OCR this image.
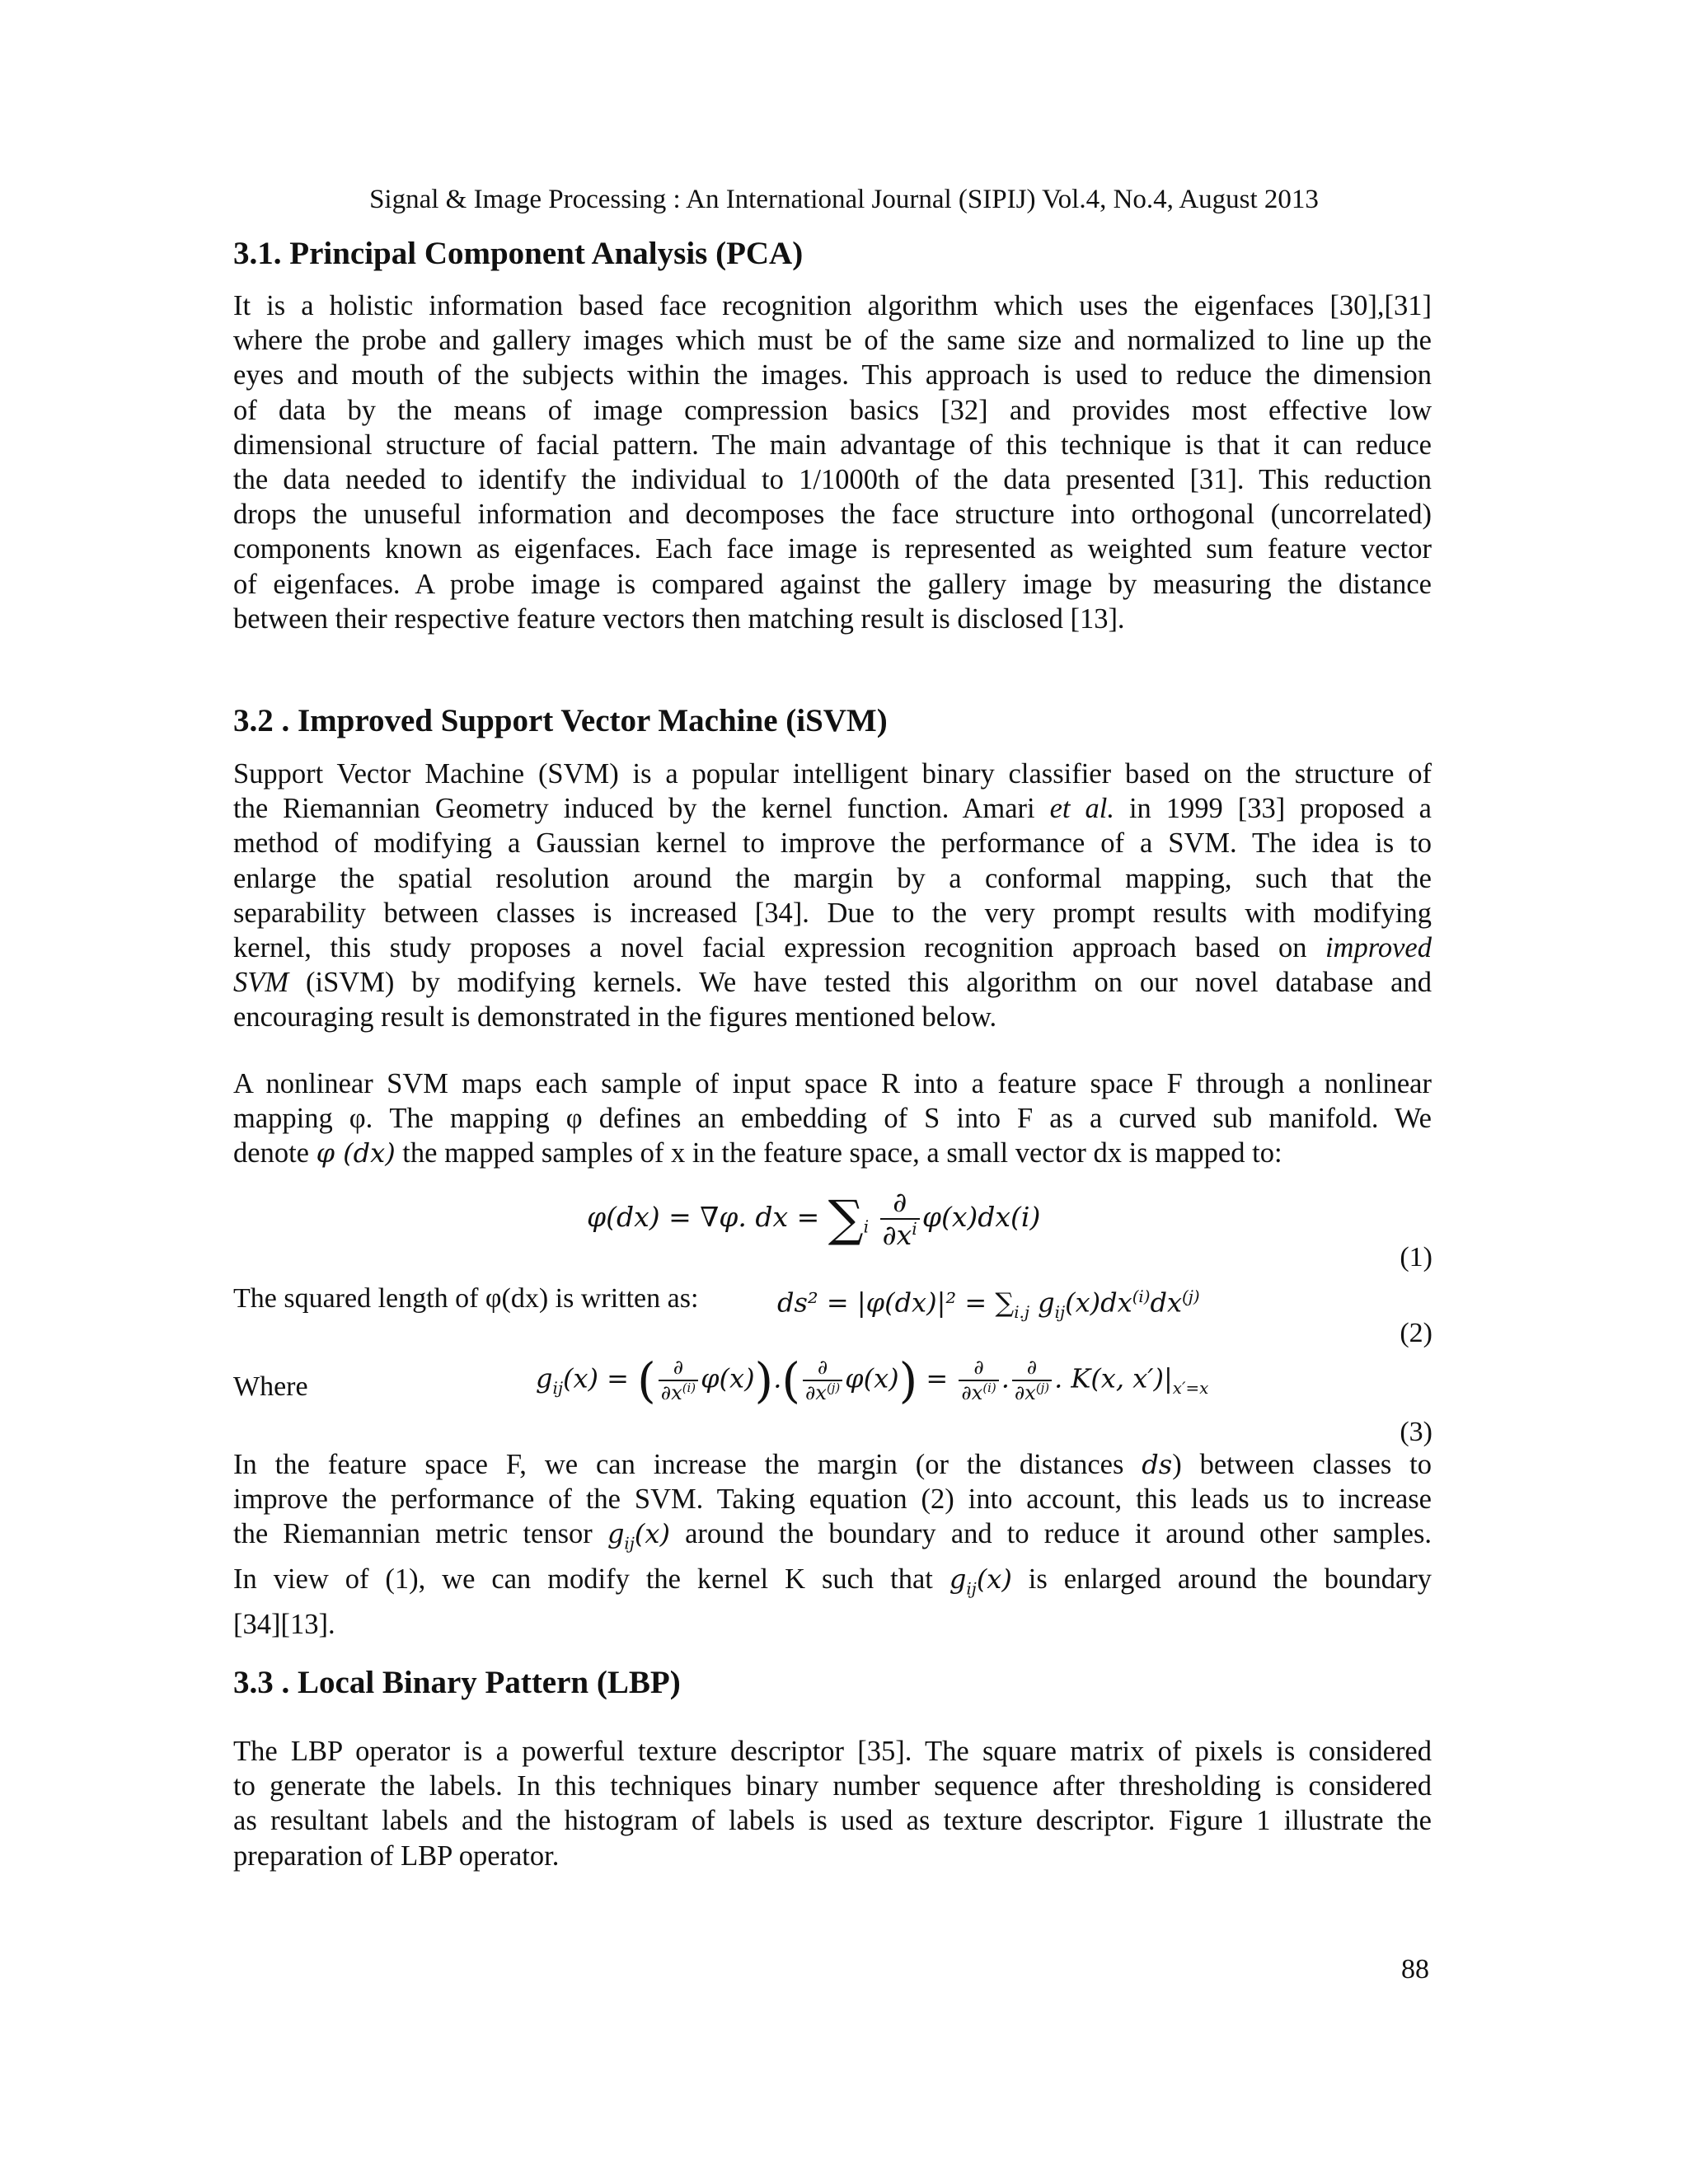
Signal & Image Processing : An International Journal (SIPIJ) Vol.4, No.4, August 2013
3.1. Principal Component Analysis (PCA)
It is a holistic information based face recognition algorithm which uses the eigenfaces [30],[31]
where the probe and gallery images which must be of the same size and normalized to line up the
eyes and mouth of the subjects within the images. This approach is used to reduce the dimension
of data by the means of image compression basics [32] and provides most effective low
dimensional structure of facial pattern. The main advantage of this technique is that it can reduce
the data needed to identify the individual to 1/1000th of the data presented [31]. This reduction
drops the unuseful information and decomposes the face structure into orthogonal (uncorrelated)
components known as eigenfaces. Each face image is represented as weighted sum feature vector
of eigenfaces. A probe image is compared against the gallery image by measuring the distance
between their respective feature vectors then matching result is disclosed [13].
3.2 . Improved Support Vector Machine (iSVM)
Support Vector Machine (SVM) is a popular intelligent binary classifier based on the structure of
the Riemannian Geometry induced by the kernel function. Amari et al. in 1999 [33] proposed a
method of modifying a Gaussian kernel to improve the performance of a SVM. The idea is to
enlarge the spatial resolution around the margin by a conformal mapping, such that the
separability between classes is increased [34]. Due to the very prompt results with modifying
kernel, this study proposes a novel facial expression recognition approach based on improved
SVM (iSVM) by modifying kernels. We have tested this algorithm on our novel database and
encouraging result is demonstrated in the figures mentioned below.
A nonlinear SVM maps each sample of input space R into a feature space F through a nonlinear
mapping φ. The mapping φ defines an embedding of S into F as a curved sub manifold. We
denote φ (dx) the mapped samples of x in the feature space, a small vector dx is mapped to:
φ(dx) = ∇φ. dx = $\sum_i \frac{\partial}{\partial x^i} \varphi(x)dx(i)$
(1)
The squared length of φ(dx) is written as:	$ds^2 = |\varphi(dx)|^2 = \sum_{i.j}$ $g_{ij}(x)dx^{(i)}dx^{(j)}$
(2)
Where	$g_{ij}(x)$ = ( $\frac{\partial}{\partial x^{(i)}} \varphi(x)).( \frac{\partial}{\partial x^{(j)}} \varphi(x)) = \frac{\partial}{\partial x^{(i)}}$ . $\frac{\partial}{\partial x^{(j)}}$ . K(x, $x')|_{x'=x}$
(3)
In the feature space F, we can increase the margin (or the distances ds) between classes to
improve the performance of the SVM. Taking equation (2) into account, this leads us to increase
the Riemannian metric tensor $g_{ij}(x)$ around the boundary and to reduce it around other samples.
In view of (1), we can modify the kernel K such that $g_{ij}(x)$ is enlarged around the boundary
[34][13].
3.3 . Local Binary Pattern (LBP)
The LBP operator is a powerful texture descriptor [35]. The square matrix of pixels is considered
to generate the labels. In this techniques binary number sequence after thresholding is considered
as resultant labels and the histogram of labels is used as texture descriptor. Figure 1 illustrate the
preparation of LBP operator.
88
